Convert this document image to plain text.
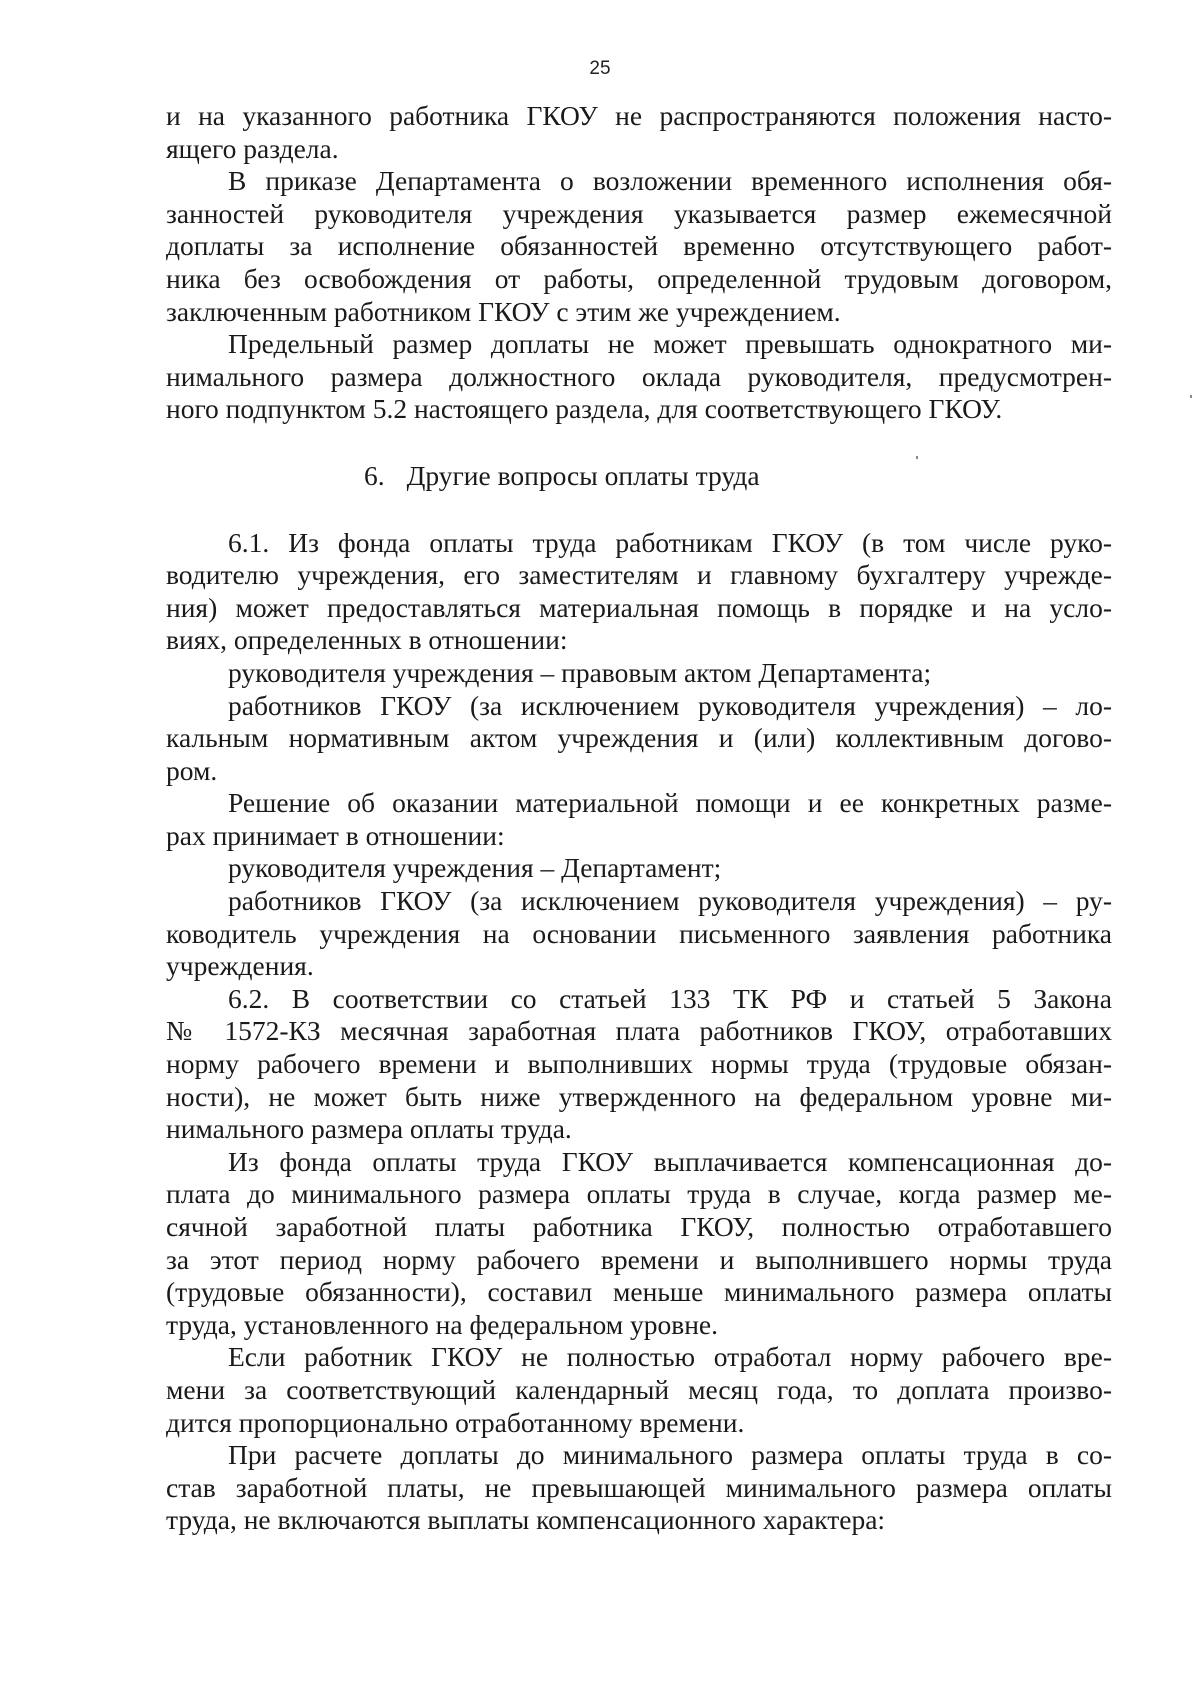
25
и на указанного работника ГКОУ не распространяются положения насто-
ящего раздела.
В приказе Департамента о возложении временного исполнения обя-
занностей руководителя учреждения указывается размер ежемесячной
доплаты за исполнение обязанностей временно отсутствующего работ-
ника без освобождения от работы, определенной трудовым договором,
заключенным работником ГКОУ с этим же учреждением.
Предельный размер доплаты не может превышать однократного ми-
нимального размера должностного оклада руководителя, предусмотрен-
ного подпунктом 5.2 настоящего раздела, для соответствующего ГКОУ.
6. Другие вопросы оплаты труда
6.1. Из фонда оплаты труда работникам ГКОУ (в том числе руко-
водителю учреждения, его заместителям и главному бухгалтеру учрежде-
ния) может предоставляться материальная помощь в порядке и на усло-
виях, определенных в отношении:
руководителя учреждения – правовым актом Департамента;
работников ГКОУ (за исключением руководителя учреждения) – ло-
кальным нормативным актом учреждения и (или) коллективным догово-
ром.
Решение об оказании материальной помощи и ее конкретных разме-
рах принимает в отношении:
руководителя учреждения – Департамент;
работников ГКОУ (за исключением руководителя учреждения) – ру-
ководитель учреждения на основании письменного заявления работника
учреждения.
6.2. В соответствии со статьей 133 ТК РФ и статьей 5 Закона
№ 1572-КЗ месячная заработная плата работников ГКОУ, отработавших
норму рабочего времени и выполнивших нормы труда (трудовые обязан-
ности), не может быть ниже утвержденного на федеральном уровне ми-
нимального размера оплаты труда.
Из фонда оплаты труда ГКОУ выплачивается компенсационная до-
плата до минимального размера оплаты труда в случае, когда размер ме-
сячной заработной платы работника ГКОУ, полностью отработавшего
за этот период норму рабочего времени и выполнившего нормы труда
(трудовые обязанности), составил меньше минимального размера оплаты
труда, установленного на федеральном уровне.
Если работник ГКОУ не полностью отработал норму рабочего вре-
мени за соответствующий календарный месяц года, то доплата произво-
дится пропорционально отработанному времени.
При расчете доплаты до минимального размера оплаты труда в со-
став заработной платы, не превышающей минимального размера оплаты
труда, не включаются выплаты компенсационного характера:
